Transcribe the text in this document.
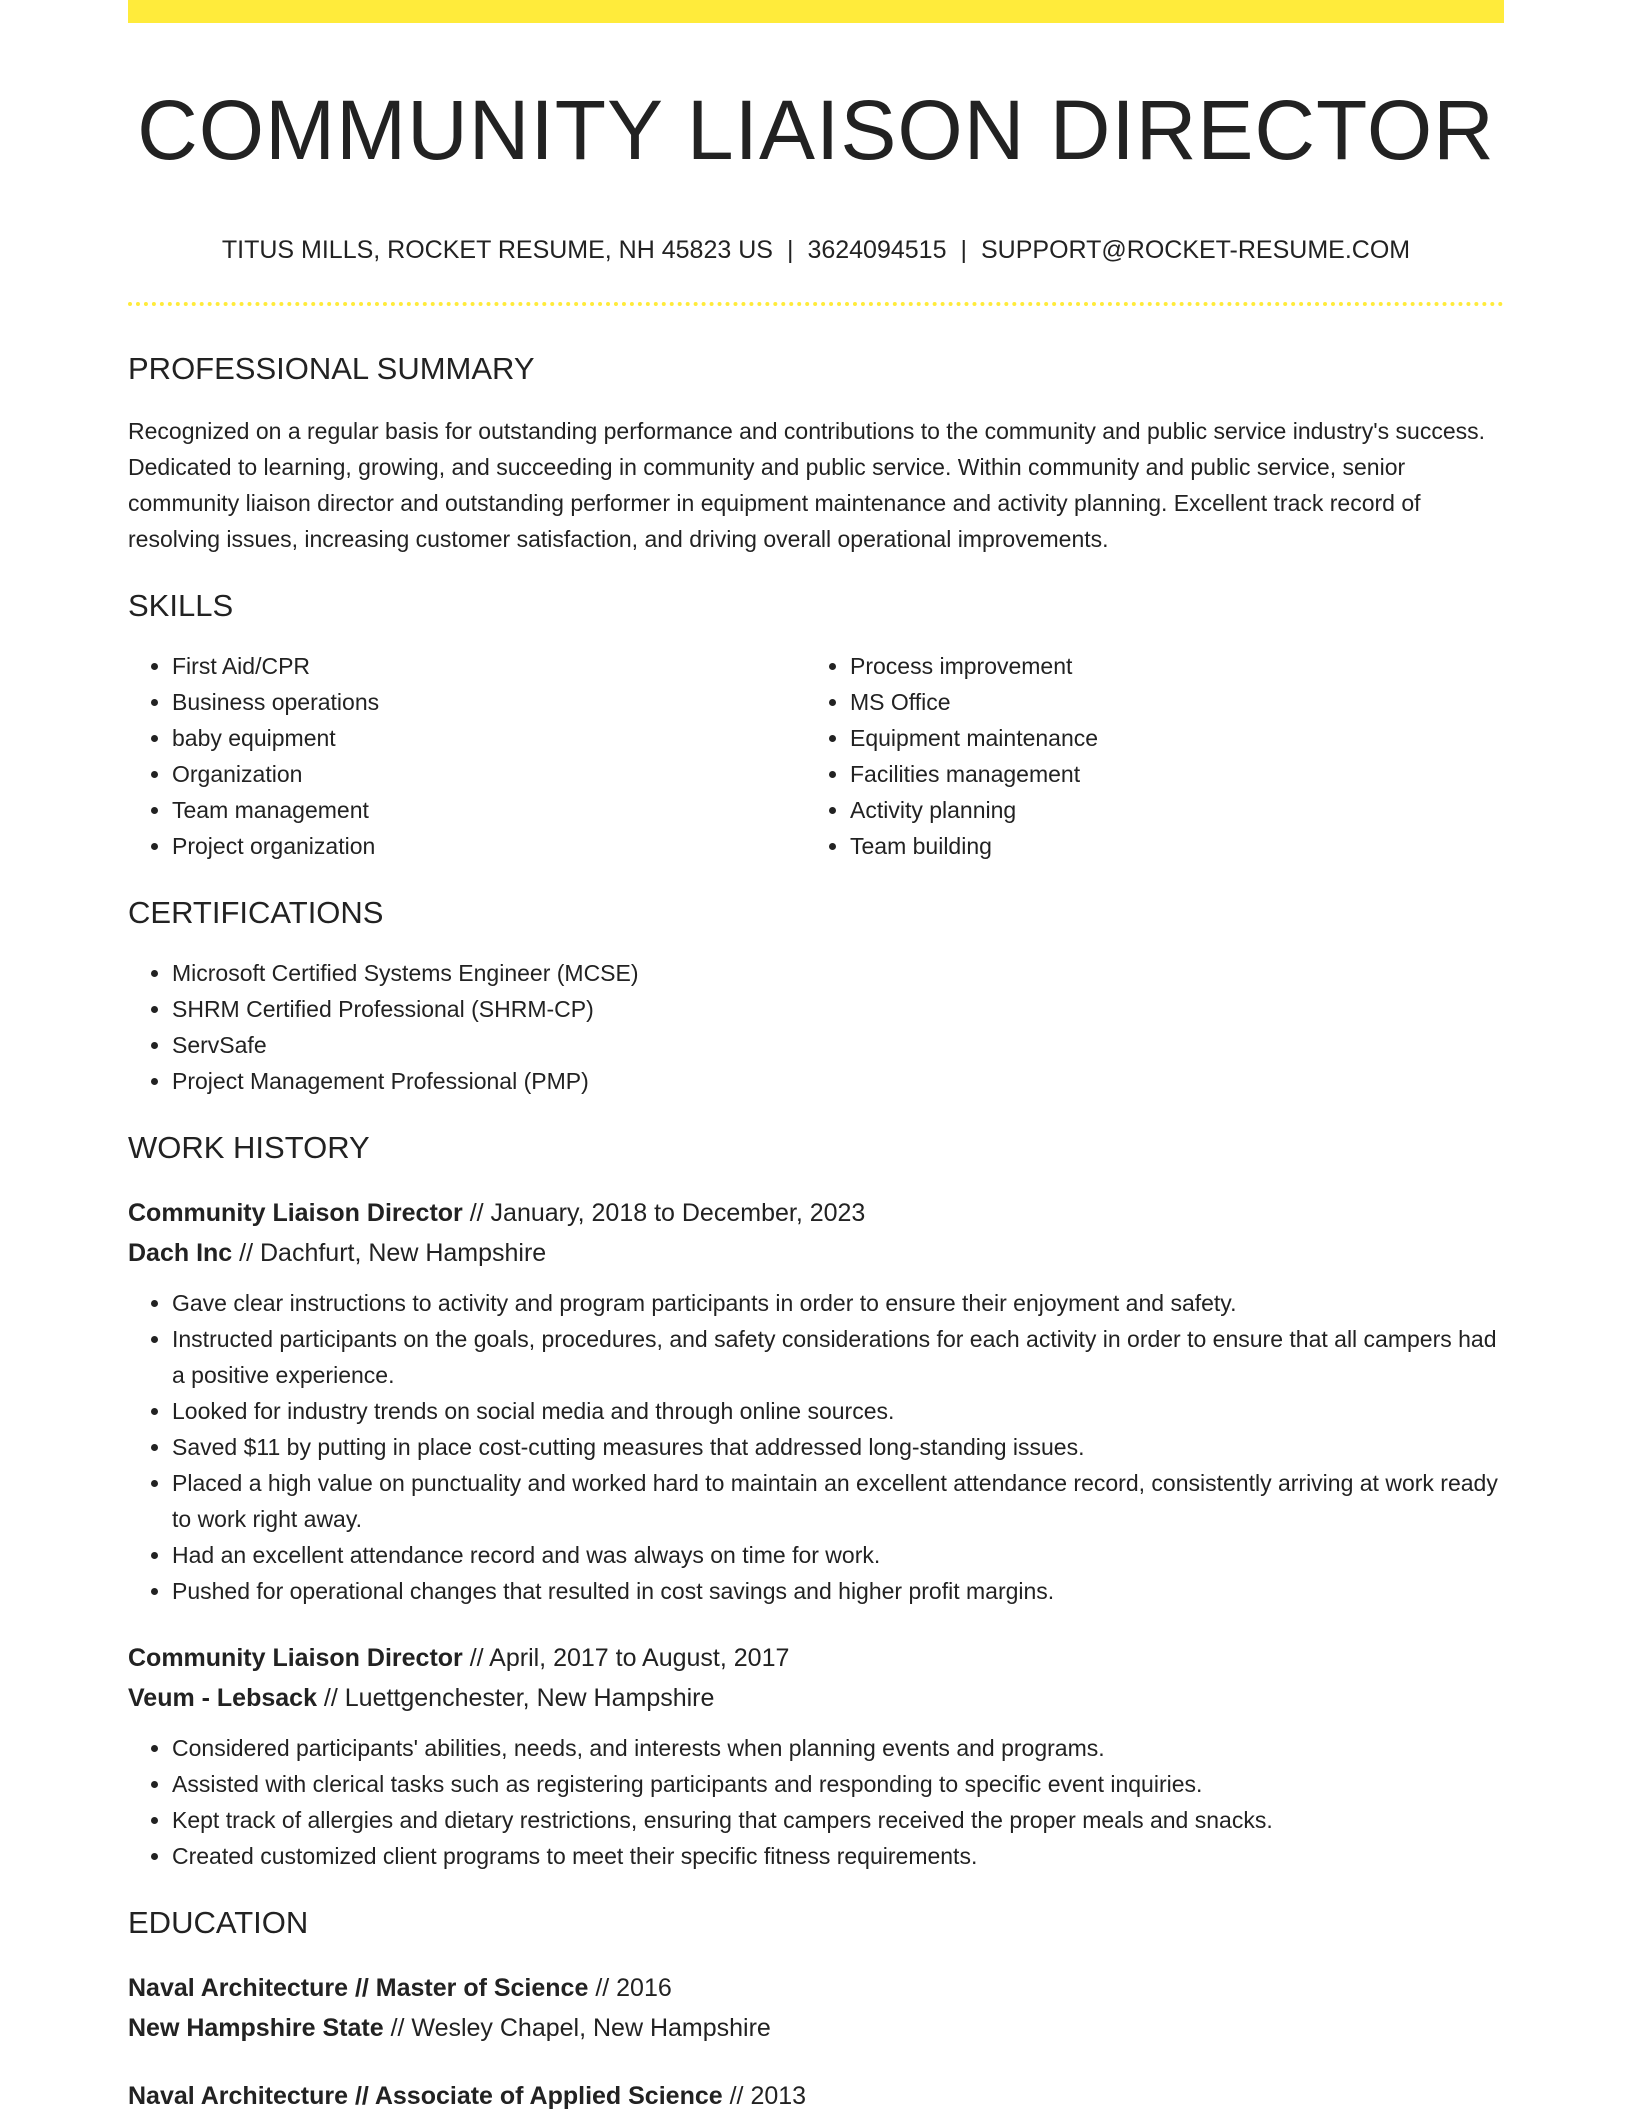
COMMUNITY LIAISON DIRECTOR
TITUS MILLS, ROCKET RESUME, NH 45823 US | 3624094515 | SUPPORT@ROCKET-RESUME.COM
PROFESSIONAL SUMMARY

Recognized on a regular basis for outstanding performance and contributions to the community and public service industry's success. Dedicated to learning, growing, and succeeding in community and public service. Within community and public service, senior community liaison director and outstanding performer in equipment maintenance and activity planning. Excellent track record of resolving issues, increasing customer satisfaction, and driving overall operational improvements.

SKILLS
• First Aid/CPR
• Business operations
• baby equipment
• Organization
• Team management
• Project organization
• Process improvement
• MS Office
• Equipment maintenance
• Facilities management
• Activity planning
• Team building
CERTIFICATIONS
• Microsoft Certified Systems Engineer (MCSE)
• SHRM Certified Professional (SHRM-CP)
• ServSafe
• Project Management Professional (PMP)
WORK HISTORY
Community Liaison Director // January, 2018 to December, 2023
Dach Inc // Dachfurt, New Hampshire
• Gave clear instructions to activity and program participants in order to ensure their enjoyment and safety.
• Instructed participants on the goals, procedures, and safety considerations for each activity in order to ensure that all campers had a positive experience.
• Looked for industry trends on social media and through online sources.
• Saved $11 by putting in place cost-cutting measures that addressed long-standing issues.
• Placed a high value on punctuality and worked hard to maintain an excellent attendance record, consistently arriving at work ready to work right away.
• Had an excellent attendance record and was always on time for work.
• Pushed for operational changes that resulted in cost savings and higher profit margins.
Community Liaison Director // April, 2017 to August, 2017
Veum - Lebsack // Luettgenchester, New Hampshire
• Considered participants' abilities, needs, and interests when planning events and programs.
• Assisted with clerical tasks such as registering participants and responding to specific event inquiries.
• Kept track of allergies and dietary restrictions, ensuring that campers received the proper meals and snacks.
• Created customized client programs to meet their specific fitness requirements.
EDUCATION
Naval Architecture // Master of Science // 2016
New Hampshire State // Wesley Chapel, New Hampshire
Naval Architecture // Associate of Applied Science // 2013
